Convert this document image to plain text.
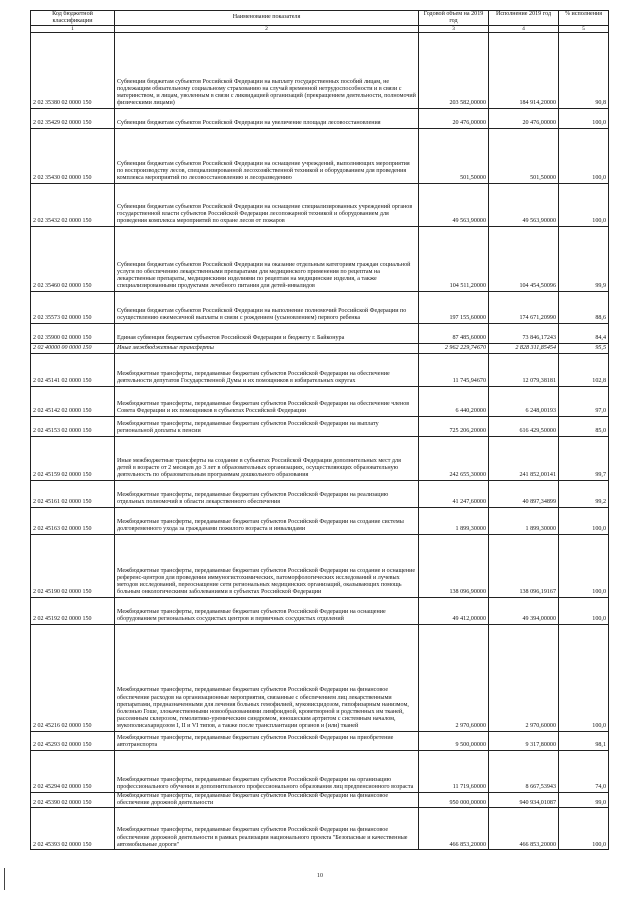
Код бюджетной классификации	Наименование показателя	Годовой объем на 2019 год	Исполнение 2019 год	% исполнения
1	2	3	4	5
2 02 35380 02 0000 150	Субвенции бюджетам субъектов Российской Федерации на выплату государственных пособий лицам, не подлежащим обязательному социальному страхованию на случай временной нетрудоспособности и в связи с материнством, и лицам, уволенным в связи с ликвидацией организаций (прекращением деятельности, полномочий физическими лицами)	203 582,00000	184 914,20000	90,8
2 02 35429 02 0000 150	Субвенции бюджетам субъектов Российской Федерации на увеличение площади лесовосстановления	20 476,00000	20 476,00000	100,0
2 02 35430 02 0000 150	Субвенции бюджетам субъектов Российской Федерации на оснащение учреждений, выполняющих мероприятия по воспроизводству лесов, специализированной лесохозяйственной техникой и оборудованием для проведения комплекса мероприятий по лесовосстановлению и лесоразведению	501,50000	501,50000	100,0
2 02 35432 02 0000 150	Субвенции бюджетам субъектов Российской Федерации на оснащение специализированных учреждений органов государственной власти субъектов Российской Федерации лесопожарной техникой и оборудованием для проведения комплекса мероприятий по охране лесов от пожаров	49 563,90000	49 563,90000	100,0
2 02 35460 02 0000 150	Субвенции бюджетам субъектов Российской Федерации на оказание отдельным категориям граждан социальной услуги по обеспечению лекарственными препаратами для медицинского применения по рецептам на лекарственные препараты, медицинскими изделиями по рецептам на медицинские изделия, а также специализированными продуктами лечебного питания для детей-инвалидов	104 511,20000	104 454,50096	99,9
2 02 35573 02 0000 150	Субвенции бюджетам субъектов Российской Федерации на выполнение полномочий Российской Федерации по осуществлению ежемесячной выплаты в связи с рождением (усыновлением) первого ребенка	197 155,60000	174 671,20990	88,6
2 02 35900 02 0000 150	Единая субвенция бюджетам субъектов Российской Федерации и бюджету г. Байконура	87 485,60000	73 846,17243	84,4
2 02 40000 00 0000 150	Иные межбюджетные трансферты	2 962 229,74670	2 828 311,85454	95,5
2 02 45141 02 0000 150	Межбюджетные трансферты, передаваемые бюджетам субъектов Российской Федерации на обеспечение деятельности депутатов Государственной Думы и их помощников в избирательных округах	11 745,94670	12 079,38181	102,8
2 02 45142 02 0000 150	Межбюджетные трансферты, передаваемые бюджетам субъектов Российской Федерации на обеспечение членов Совета Федерации и их помощников в субъектах Российской Федерации	6 440,20000	6 248,00193	97,0
2 02 45153 02 0000 150	Межбюджетные трансферты, передаваемые бюджетам субъектов Российской Федерации на выплату региональной доплаты к пенсии	725 206,20000	616 429,50000	85,0
2 02 45159 02 0000 150	Иные межбюджетные трансферты на создание в субъектах Российской Федерации дополнительных мест для детей в возрасте от 2 месяцев до 3 лет в образовательных организациях, осуществляющих образовательную деятельность по образовательным программам дошкольного образования	242 655,30000	241 852,00141	99,7
2 02 45161 02 0000 150	Межбюджетные трансферты, передаваемые бюджетам субъектов Российской Федерации на реализацию отдельных полномочий в области лекарственного обеспечения	41 247,60000	40 897,34899	99,2
2 02 45163 02 0000 150	Межбюджетные трансферты, передаваемые бюджетам субъектов Российской Федерации на создание системы долговременного ухода за гражданами пожилого возраста и инвалидами	1 899,30000	1 899,30000	100,0
2 02 45190 02 0000 150	Межбюджетные трансферты, передаваемые бюджетам субъектов Российской Федерации на создание и оснащение референс-центров для проведения иммуногистохимических, патоморфологических исследований и лучевых методов исследований, переоснащение сети региональных медицинских организаций, оказывающих помощь больным онкологическими заболеваниями в субъектах Российской Федерации	138 096,90000	138 096,19167	100,0
2 02 45192 02 0000 150	Межбюджетные трансферты, передаваемые бюджетам субъектов Российской Федерации на оснащение оборудованием региональных сосудистых центров и первичных сосудистых отделений	49 412,00000	49 394,00000	100,0
2 02 45216 02 0000 150	Межбюджетные трансферты, передаваемые бюджетам субъектов Российской Федерации на финансовое обеспечение расходов на организационные мероприятия, связанные с обеспечением лиц лекарственными препаратами, предназначенными для лечения больных гемофилией, муковисцидозом, гипофизарным нанизмом, болезнью Гоше, злокачественными новообразованиями лимфоидной, кроветворной и родственных им тканей, рассеянным склерозом, гемолитико-уремическим синдромом, юношеским артритом с системным началом, мукополисахаридозом I, II и VI типов, а также после трансплантации органов и (или) тканей	2 970,60000	2 970,60000	100,0
2 02 45293 02 0000 150	Межбюджетные трансферты, передаваемые бюджетам субъектов Российской Федерации на приобретение автотранспорта	9 500,00000	9 317,80000	98,1
2 02 45294 02 0000 150	Межбюджетные трансферты, передаваемые бюджетам субъектов Российской Федерации на организацию профессионального обучения и дополнительного профессионального образования лиц предпенсионного возраста	11 719,60000	8 667,53943	74,0
2 02 45390 02 0000 150	Межбюджетные трансферты, передаваемые бюджетам субъектов Российской Федерации на финансовое обеспечение дорожной деятельности	950 000,00000	940 934,01087	99,0
2 02 45393 02 0000 150	Межбюджетные трансферты, передаваемые бюджетам субъектов Российской Федерации на финансовое обеспечение дорожной деятельности в рамках реализации национального проекта "Безопасные и качественные автомобильные дороги"	466 853,20000	466 853,20000	100,0
10
